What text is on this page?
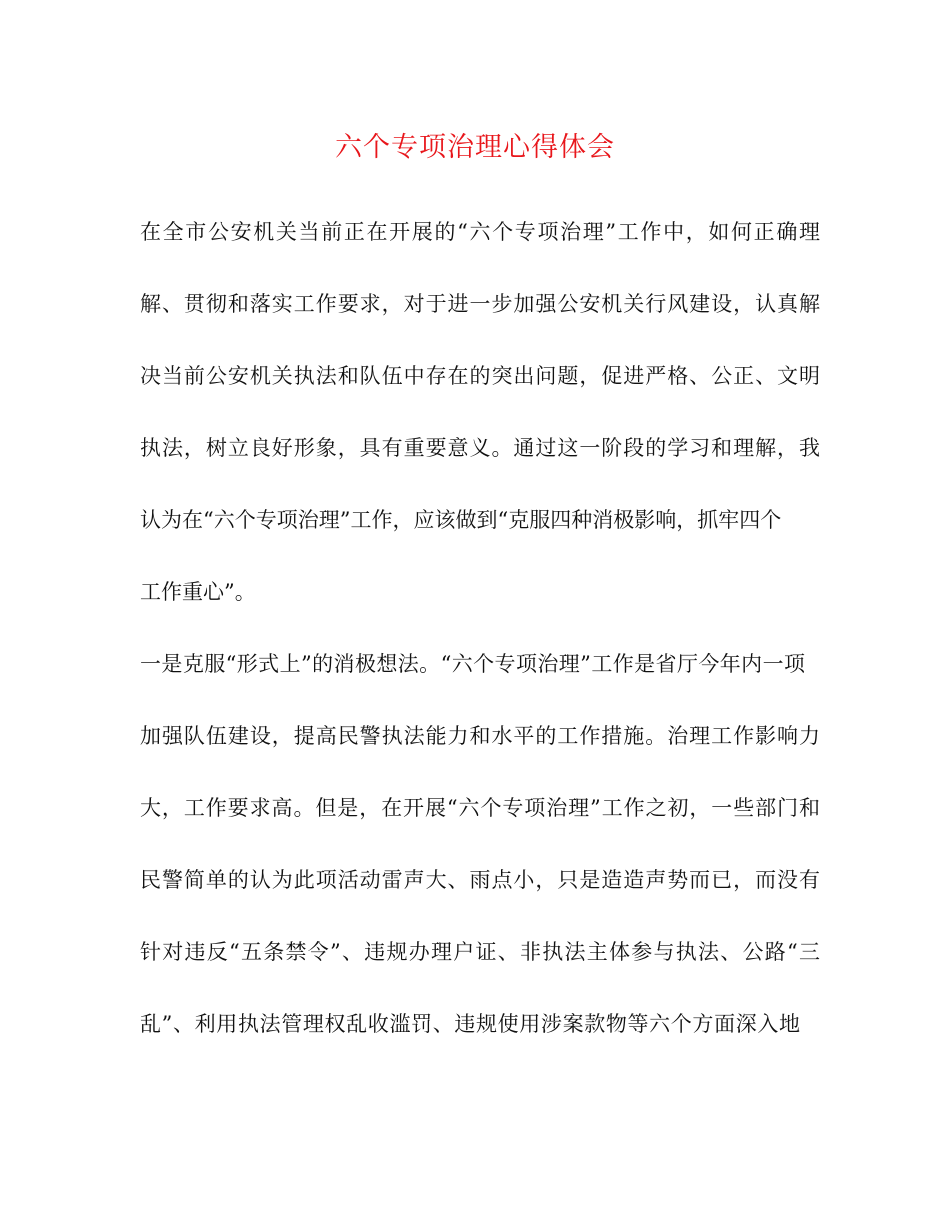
六个专项治理心得体会

在全市公安机关当前正在开展的“六个专项治理”工作中，如何正确理

解、贯彻和落实工作要求，对于进一步加强公安机关行风建设，认真解

决当前公安机关执法和队伍中存在的突出问题，促进严格、公正、文明

执法，树立良好形象，具有重要意义。通过这一阶段的学习和理解，我

认为在“六个专项治理”工作，应该做到“克服四种消极影响，抓牢四个

工作重心”。

一是克服“形式上”的消极想法。“六个专项治理”工作是省厅今年内一项

加强队伍建设，提高民警执法能力和水平的工作措施。治理工作影响力

大，工作要求高。但是，在开展“六个专项治理”工作之初，一些部门和

民警简单的认为此项活动雷声大、雨点小，只是造造声势而已，而没有

针对违反“五条禁令”、违规办理户证、非执法主体参与执法、公路“三

乱”、利用执法管理权乱收滥罚、违规使用涉案款物等六个方面深入地
